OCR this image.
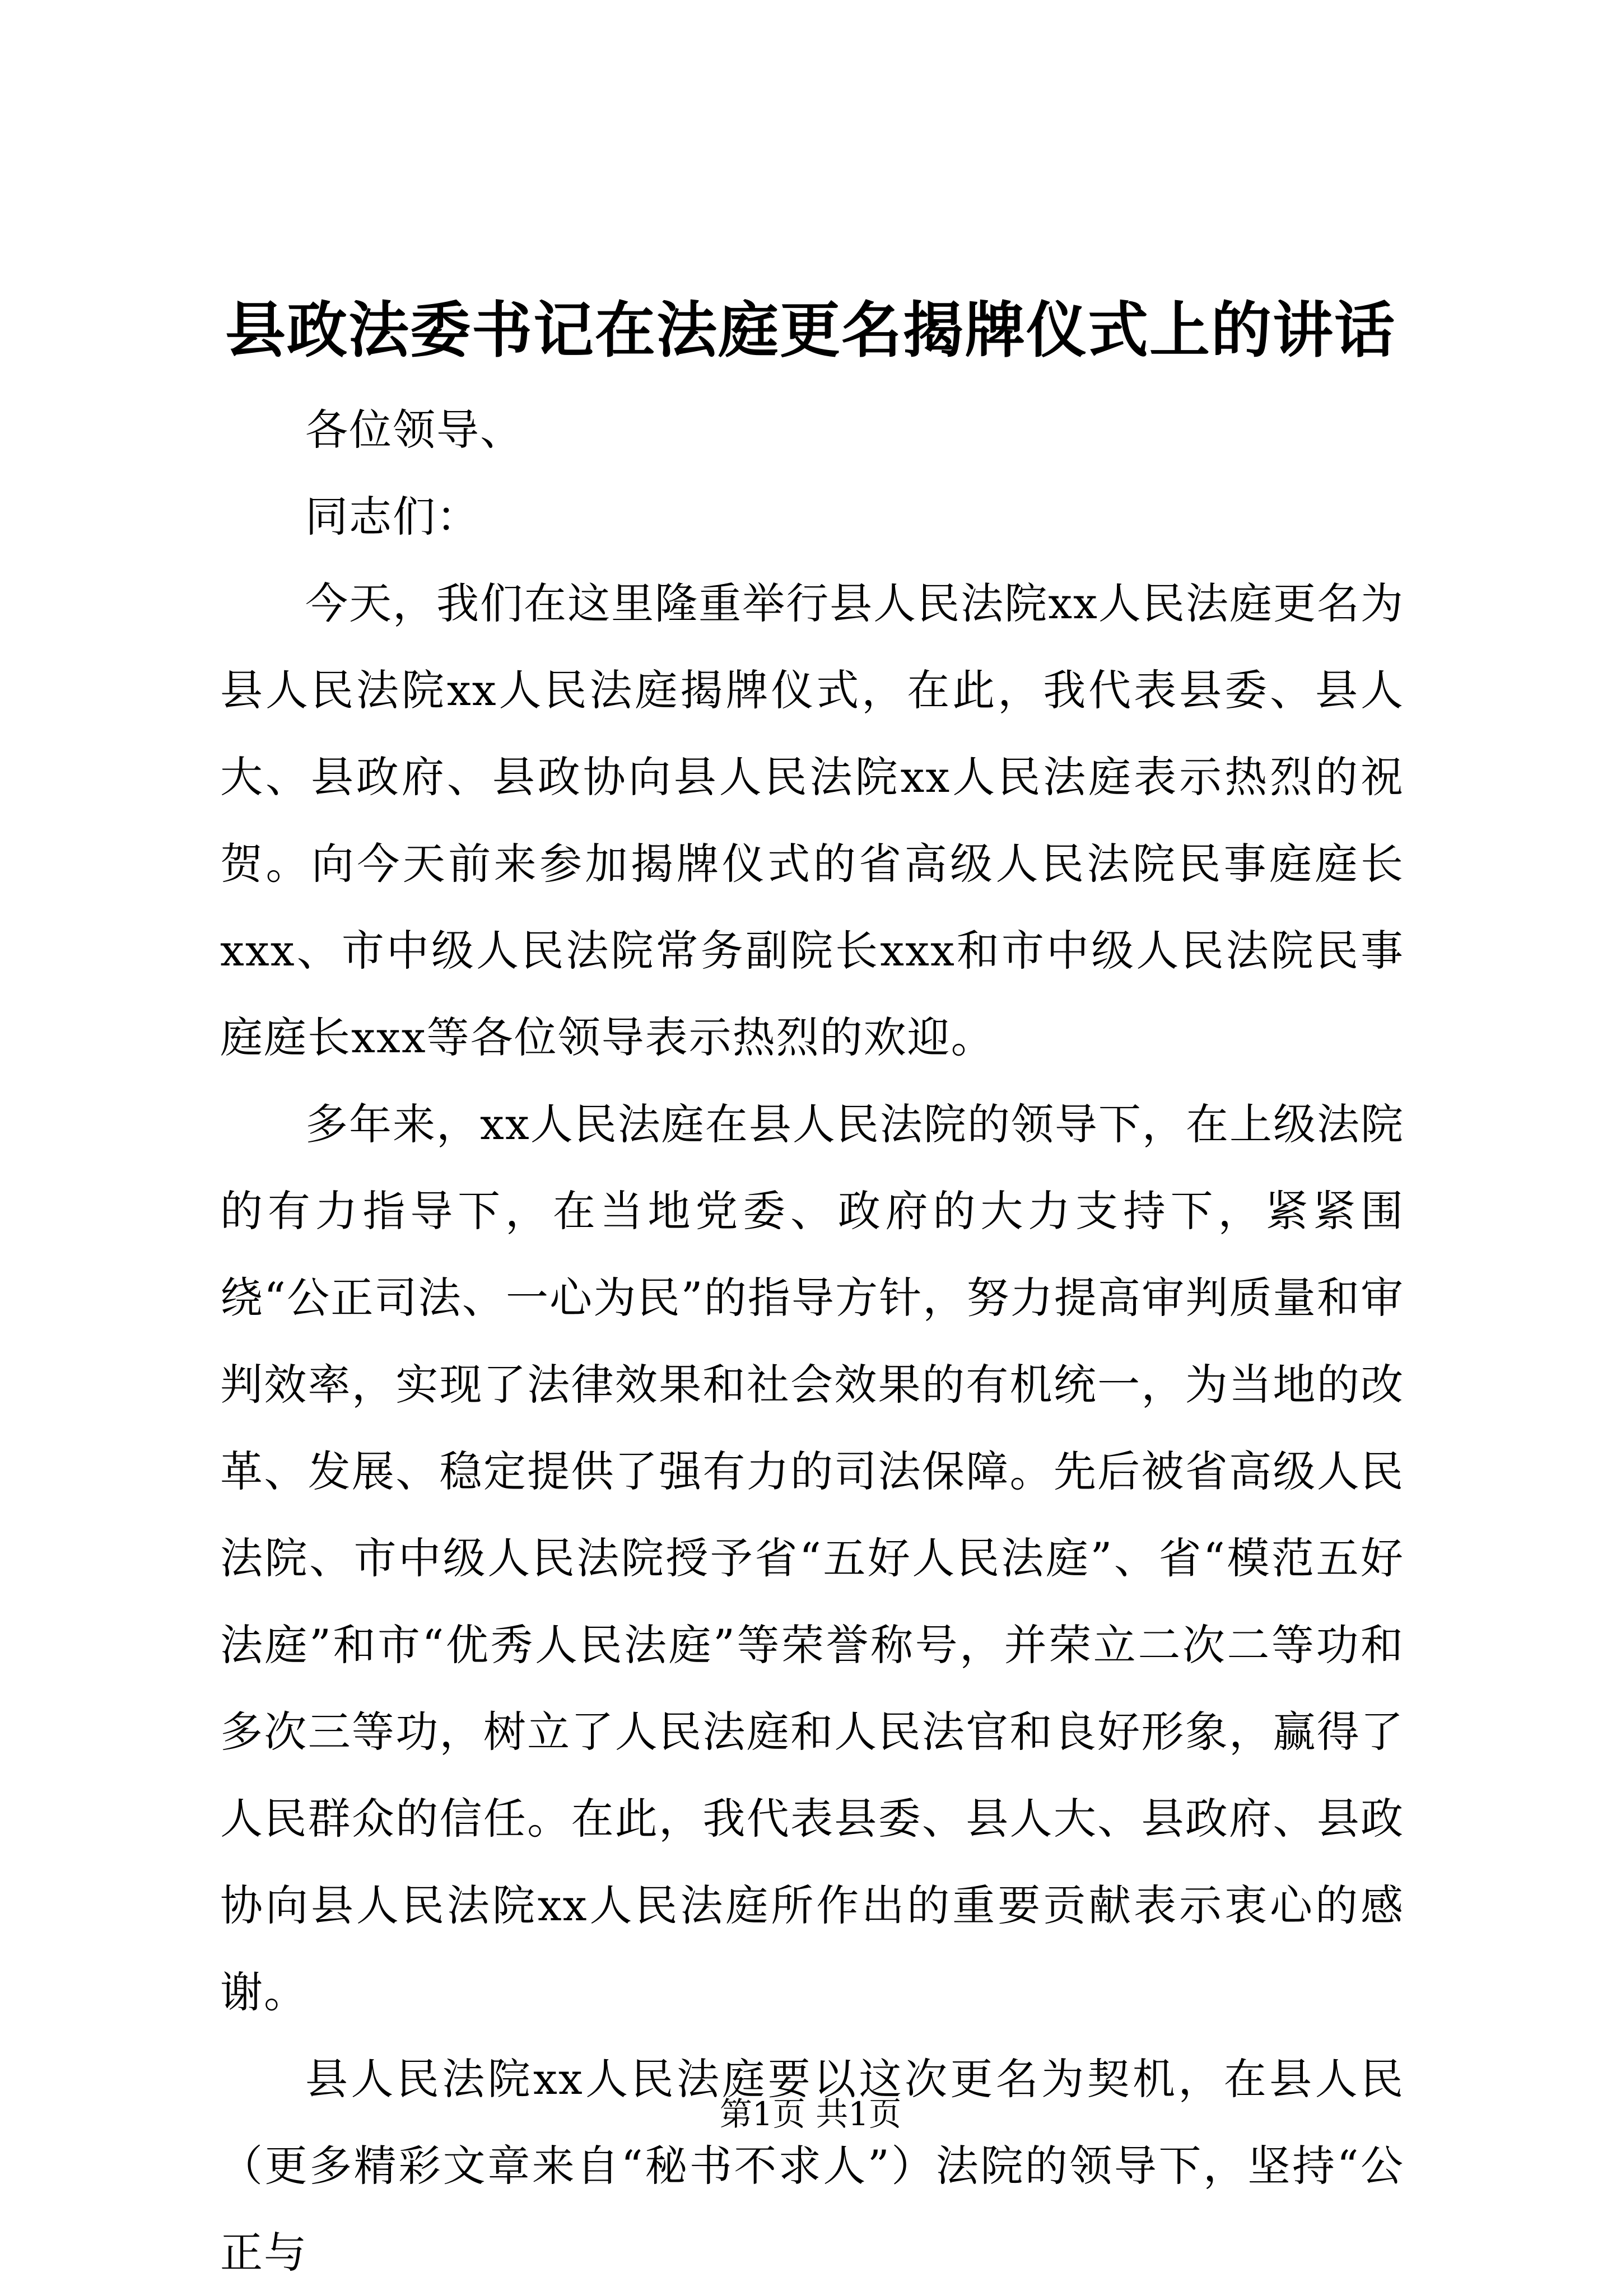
县政法委书记在法庭更名揭牌仪式上的讲话

各位领导、

同志们：

今天，我们在这里隆重举行县人民法院xx人民法庭更名为县人民法院xx人民法庭揭牌仪式，在此，我代表县委、县人大、县政府、县政协向县人民法院xx人民法庭表示热烈的祝贺。向今天前来参加揭牌仪式的省高级人民法院民事庭庭长xxx、市中级人民法院常务副院长xxx和市中级人民法院民事庭庭长xxx等各位领导表示热烈的欢迎。

多年来，xx人民法庭在县人民法院的领导下，在上级法院的有力指导下，在当地党委、政府的大力支持下，紧紧围绕“公正司法、一心为民”的指导方针，努力提高审判质量和审判效率，实现了法律效果和社会效果的有机统一，为当地的改革、发展、稳定提供了强有力的司法保障。先后被省高级人民法院、市中级人民法院授予省“五好人民法庭”、省“模范五好法庭”和市“优秀人民法庭”等荣誉称号，并荣立二次二等功和多次三等功，树立了人民法庭和人民法官和良好形象，赢得了人民群众的信任。在此，我代表县委、县人大、县政府、县政协向县人民法院xx人民法庭所作出的重要贡献表示衷心的感谢。

县人民法院xx人民法庭要以这次更名为契机，在县人民（更多精彩文章来自“秘书不求人”）法院的领导下，坚持“公正与

第1页 共1页
